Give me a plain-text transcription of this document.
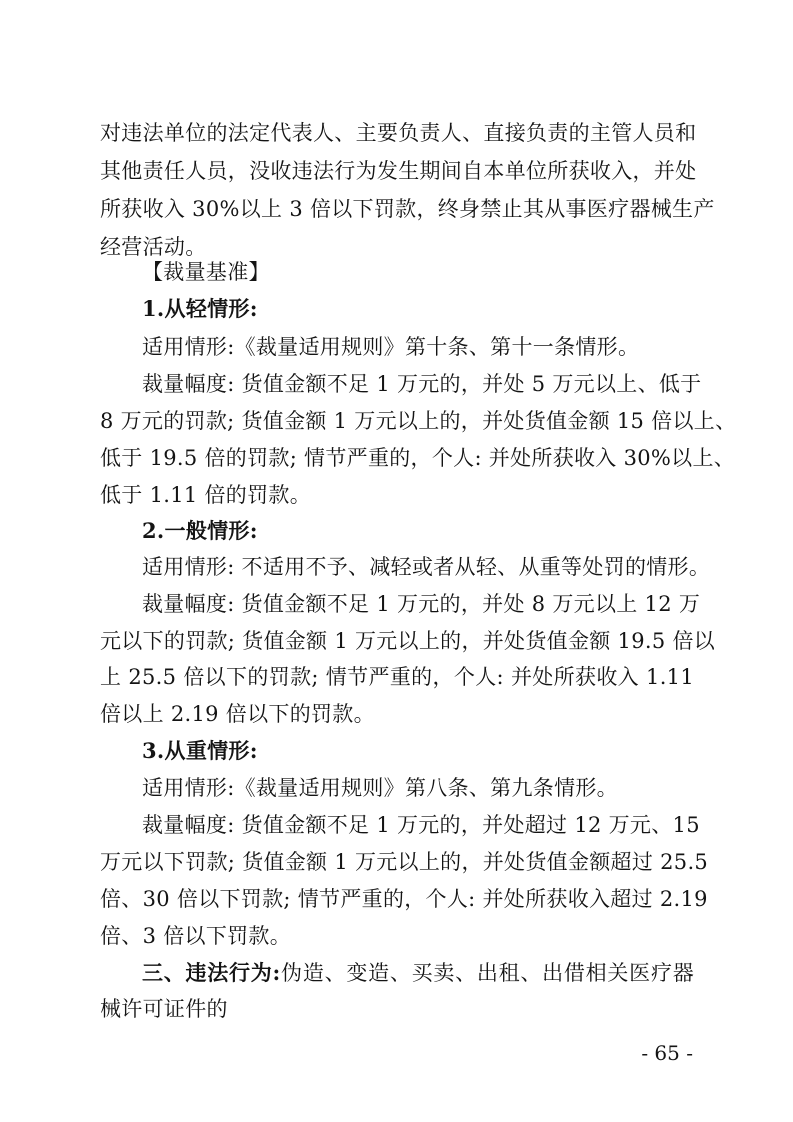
对违法单位的法定代表人、主要负责人、直接负责的主管人员和
其他责任人员，没收违法行为发生期间自本单位所获收入，并处
所获收入 30%以上 3 倍以下罚款，终身禁止其从事医疗器械生产
经营活动。
【裁量基准】
1.从轻情形:
适用情形:《裁量适用规则》第十条、第十一条情形。
裁量幅度: 货值金额不足 1 万元的，并处 5 万元以上、低于
8 万元的罚款; 货值金额 1 万元以上的，并处货值金额 15 倍以上、
低于 19.5 倍的罚款; 情节严重的，个人: 并处所获收入 30%以上、
低于 1.11 倍的罚款。
2.一般情形:
适用情形: 不适用不予、减轻或者从轻、从重等处罚的情形。
裁量幅度: 货值金额不足 1 万元的，并处 8 万元以上 12 万
元以下的罚款; 货值金额 1 万元以上的，并处货值金额 19.5 倍以
上 25.5 倍以下的罚款; 情节严重的，个人: 并处所获收入 1.11
倍以上 2.19 倍以下的罚款。
3.从重情形:
适用情形:《裁量适用规则》第八条、第九条情形。
裁量幅度: 货值金额不足 1 万元的，并处超过 12 万元、15
万元以下罚款; 货值金额 1 万元以上的，并处货值金额超过 25.5
倍、30 倍以下罚款; 情节严重的，个人: 并处所获收入超过 2.19
倍、3 倍以下罚款。
三、违法行为:伪造、变造、买卖、出租、出借相关医疗器
械许可证件的
- 65 -
